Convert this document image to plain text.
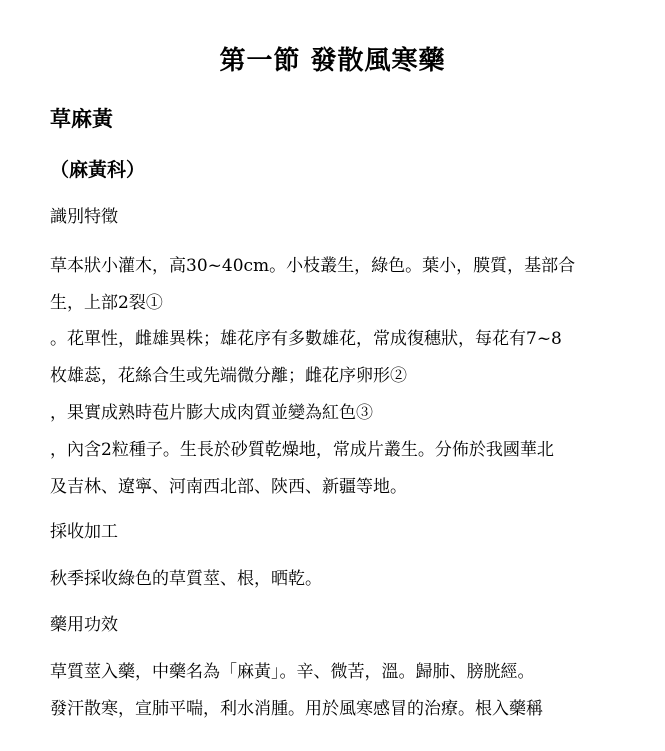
第一節 發散風寒藥
草麻黃
（麻黃科）
識別特徵
草本狀小灌木，高30~40cm。小枝叢生，綠色。葉小，膜質，基部合
生，上部2裂①
。花單性，雌雄異株；雄花序有多數雄花，常成復穗狀，每花有7~8
枚雄蕊，花絲合生或先端微分離；雌花序卵形②
，果實成熟時苞片膨大成肉質並變為紅色③
，內含2粒種子。生長於砂質乾燥地，常成片叢生。分佈於我國華北
及吉林、遼寧、河南西北部、陝西、新疆等地。
採收加工
秋季採收綠色的草質莖、根，晒乾。
藥用功效
草質莖入藥，中藥名為「麻黃」。辛、微苦，溫。歸肺、膀胱經。
發汗散寒，宣肺平喘，利水消腫。用於風寒感冒的治療。根入藥稱
